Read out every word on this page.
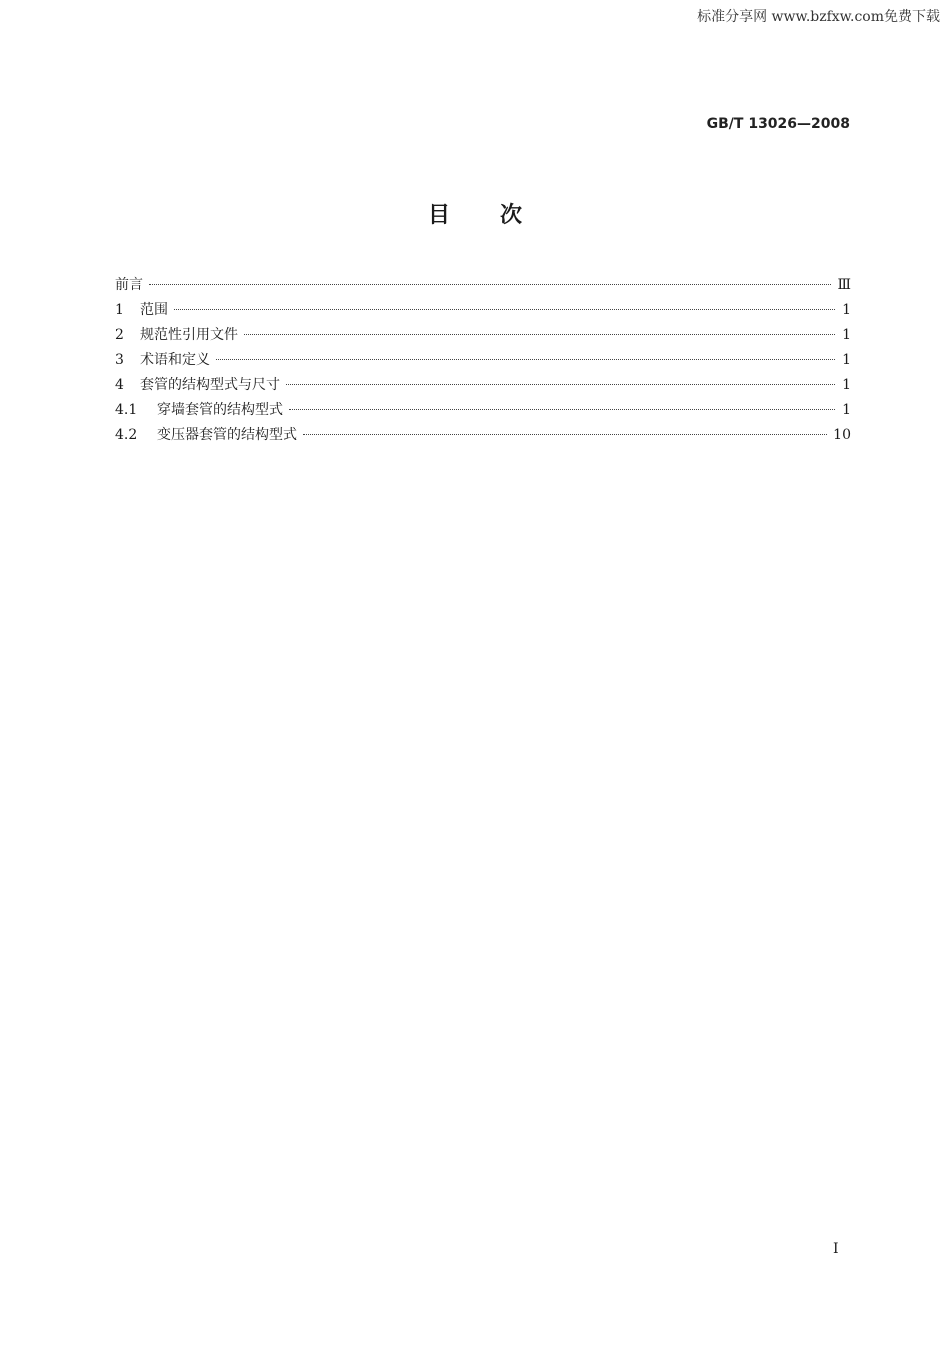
标准分享网 www.bzfxw.com免费下载
GB/T 13026—2008
目次
前言	Ⅲ
1	范围	1
2	规范性引用文件	1
3	术语和定义	1
4	套管的结构型式与尺寸	1
4.1	穿墙套管的结构型式	1
4.2	变压器套管的结构型式	10
I
